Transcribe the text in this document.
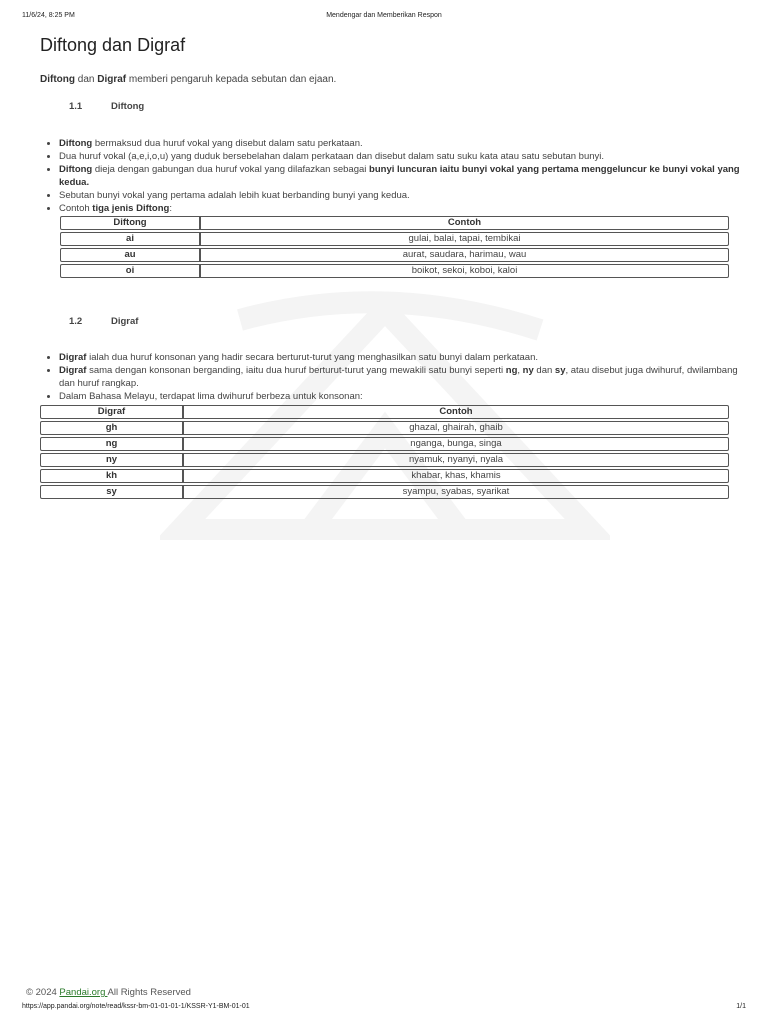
11/6/24, 8:25 PM	Mendengar dan Memberikan Respon
Diftong dan Digraf
Diftong dan Digraf memberi pengaruh kepada sebutan dan ejaan.
1.1	Diftong
• Diftong bermaksud dua huruf vokal yang disebut dalam satu perkataan.
• Dua huruf vokal (a,e,i,o,u) yang duduk bersebelahan dalam perkataan dan disebut dalam satu suku kata atau satu sebutan bunyi.
• Diftong dieja dengan gabungan dua huruf vokal yang dilafazkan sebagai bunyi luncuran iaitu bunyi vokal yang pertama menggeluncur ke bunyi vokal yang kedua.
• Sebutan bunyi vokal yang pertama adalah lebih kuat berbanding bunyi yang kedua.
• Contoh tiga jenis Diftong:
Diftong	Contoh
ai	gulai, balai, tapai, tembikai
au	aurat, saudara, harimau, wau
oi	boikot, sekoi, koboi, kaloi
1.2	Digraf
• Digraf ialah dua huruf konsonan yang hadir secara berturut-turut yang menghasilkan satu bunyi dalam perkataan.
• Digraf sama dengan konsonan berganding, iaitu dua huruf berturut-turut yang mewakili satu bunyi seperti ng, ny dan sy, atau disebut juga dwihuruf, dwilambang dan huruf rangkap.
• Dalam Bahasa Melayu, terdapat lima dwihuruf berbeza untuk konsonan:
Digraf	Contoh
gh	ghazal, ghairah, ghaib
ng	nganga, bunga, singa
ny	nyamuk, nyanyi, nyala
kh	khabar, khas, khamis
sy	syampu, syabas, syarikat
© 2024 Pandai.org All Rights Reserved
https://app.pandai.org/note/read/kssr-bm-01-01-01-1/KSSR-Y1-BM-01-01	1/1
